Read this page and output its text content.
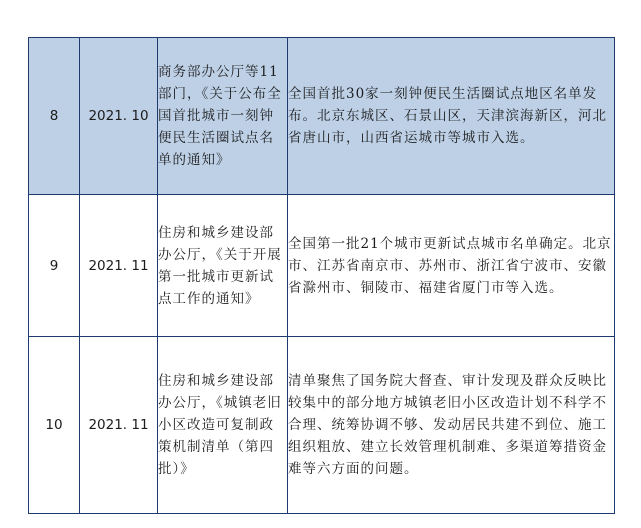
8	2021. 10	商务部办公厅等11部门，《关于公布全国首批城市一刻钟便民生活圈试点名单的通知》	全国首批30家一刻钟便民生活圈试点地区名单发布。北京东城区、石景山区，天津滨海新区，河北省唐山市，山西省运城市等城市入选。

9	2021. 11	住房和城乡建设部办公厅，《关于开展第一批城市更新试点工作的通知》	全国第一批21个城市更新试点城市名单确定。北京市、江苏省南京市、苏州市、浙江省宁波市、安徽省滁州市、铜陵市、福建省厦门市等入选。

10	2021. 11	住房和城乡建设部办公厅，《城镇老旧小区改造可复制政策机制清单（第四批）》	清单聚焦了国务院大督查、审计发现及群众反映比较集中的部分地方城镇老旧小区改造计划不科学不合理、统筹协调不够、发动居民共建不到位、施工组织粗放、建立长效管理机制难、多渠道筹措资金难等六方面的问题。
